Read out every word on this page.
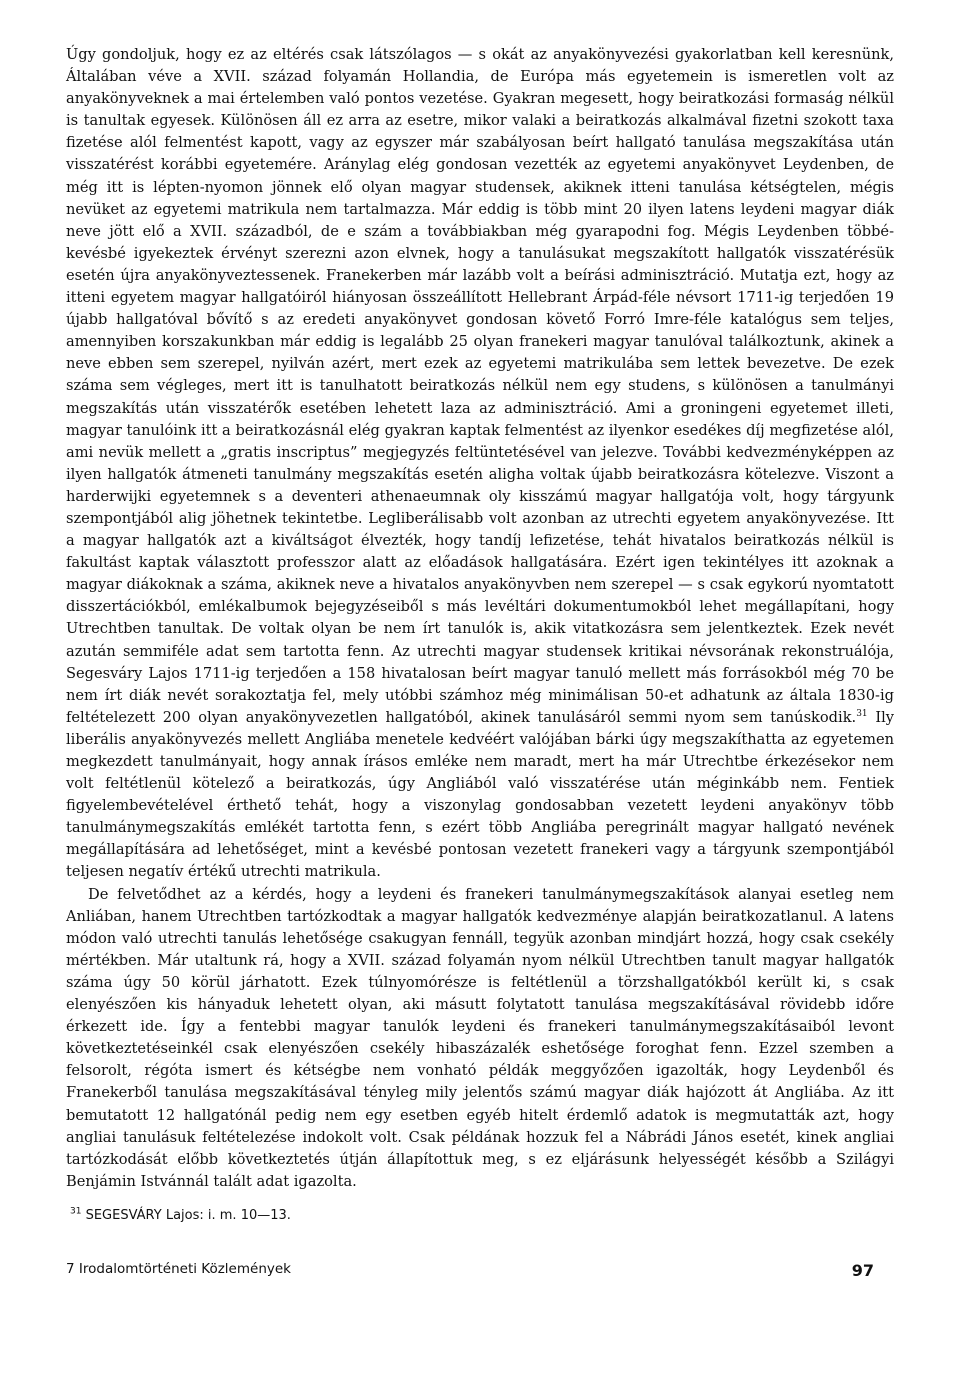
Úgy gondoljuk, hogy ez az eltérés csak látszólagos — s okát az anyakönyvezési gyakorlatban kell keresnünk, Általában véve a XVII. század folyamán Hollandia, de Európa más egyetemein is ismeretlen volt az anyakönyveknek a mai értelemben való pontos vezetése. Gyakran megesett, hogy beiratkozási formaság nélkül is tanultak egyesek. Különösen áll ez arra az esetre, mikor valaki a beiratkozás alkalmával fizetni szokott taxa fizetése alól felmentést kapott, vagy az egyszer már szabályosan beírt hallgató tanulása megszakítása után visszatérést korábbi egyetemére. Aránylag elég gondosan vezették az egyetemi anyakönyvet Leydenben, de még itt is lépten-nyomon jönnek elő olyan magyar studensek, akiknek itteni tanulása kétségtelen, mégis nevüket az egyetemi matrikula nem tartalmazza. Már eddig is több mint 20 ilyen latens leydeni magyar diák neve jött elő a XVII. századból, de e szám a továbbiakban még gyarapodni fog. Mégis Leydenben többé-kevésbé igyekeztek érvényt szerezni azon elvnek, hogy a tanulásukat megszakított hallgatók visszatérésük esetén újra anyakönyveztessenek. Franekerben már lazább volt a beírási adminisztráció. Mutatja ezt, hogy az itteni egyetem magyar hallgatóiról hiányosan összeállított Hellebrant Árpád-féle névsort 1711-ig terjedően 19 újabb hallgatóval bővítő s az eredeti anyakönyvet gondosan követő Forró Imre-féle katalógus sem teljes, amennyiben korszakunkban már eddig is legalább 25 olyan franekeri magyar tanulóval találkoztunk, akinek a neve ebben sem szerepel, nyilván azért, mert ezek az egyetemi matrikulába sem lettek bevezetve. De ezek száma sem végleges, mert itt is tanulhatott beiratkozás nélkül nem egy studens, s különösen a tanulmányi megszakítás után visszatérők esetében lehetett laza az adminisztráció. Ami a groningeni egyetemet illeti, magyar tanulóink itt a beiratkozásnál elég gyakran kaptak felmentést az ilyenkor esedékes díj megfizetése alól, ami nevük mellett a „gratis inscriptus” megjegyzés feltüntetésével van jelezve. További kedvezményképpen az ilyen hallgatók átmeneti tanulmány megszakítás esetén aligha voltak újabb beiratkozásra kötelezve. Viszont a harderwijki egyetemnek s a deventeri athenaeumnak oly kisszámú magyar hallgatója volt, hogy tárgyunk szempontjából alig jöhetnek tekintetbe. Legliberálisabb volt azonban az utrechti egyetem anyakönyvezése. Itt a magyar hallgatók azt a kiváltságot élvezték, hogy tandíj lefizetése, tehát hivatalos beiratkozás nélkül is fakultást kaptak választott professzor alatt az előadások hallgatására. Ezért igen tekintélyes itt azoknak a magyar diákoknak a száma, akiknek neve a hivatalos anyakönyvben nem szerepel — s csak egykorú nyomtatott disszertációkból, emlékalbumok bejegyzéseiből s más levéltári dokumentumokból lehet megállapítani, hogy Utrechtben tanultak. De voltak olyan be nem írt tanulók is, akik vitatkozásra sem jelentkeztek. Ezek nevét azután semmiféle adat sem tartotta fenn. Az utrechti magyar studensek kritikai névsorának rekonstruálója, Segesváry Lajos 1711-ig terjedően a 158 hivatalosan beírt magyar tanuló mellett más forrásokból még 70 be nem írt diák nevét sorakoztatja fel, mely utóbbi számhoz még minimálisan 50-et adhatunk az általa 1830-ig feltételezett 200 olyan anyakönyvezetlen hallgatóból, akinek tanulásáról semmi nyom sem tanúskodik.$^{31}$ Ily liberális anyakönyvezés mellett Angliába menetele kedvéért valójában bárki úgy megszakíthatta az egyetemen megkezdett tanulmányait, hogy annak írásos emléke nem maradt, mert ha már Utrechtbe érkezésekor nem volt feltétlenül kötelező a beiratkozás, úgy Angliából való visszatérése után méginkább nem. Fentiek figyelembevételével érthető tehát, hogy a viszonylag gondosabban vezetett leydeni anyakönyv több tanulmánymegszakítás emlékét tartotta fenn, s ezért több Angliába peregrinált magyar hallgató nevének megállapítására ad lehetőséget, mint a kevésbé pontosan vezetett franekeri vagy a tárgyunk szempontjából teljesen negatív értékű utrechti matrikula.

De felvetődhet az a kérdés, hogy a leydeni és franekeri tanulmánymegszakítások alanyai esetleg nem Anliában, hanem Utrechtben tartózkodtak a magyar hallgatók kedvezménye alapján beiratkozatlanul. A latens módon való utrechti tanulás lehetősége csakugyan fennáll, tegyük azonban mindjárt hozzá, hogy csak csekély mértékben. Már utaltunk rá, hogy a XVII. század folyamán nyom nélkül Utrechtben tanult magyar hallgatók száma úgy 50 körül járhatott. Ezek túlnyomórésze is feltétlenül a törzshallgatókból került ki, s csak elenyészően kis hányaduk lehetett olyan, aki másutt folytatott tanulása megszakításával rövidebb időre érkezett ide. Így a fentebbi magyar tanulók leydeni és franekeri tanulmánymegszakításaiból levont következtetéseinkél csak elenyészően csekély hibaszázalék eshetősége foroghat fenn. Ezzel szemben a felsorolt, régóta ismert és kétségbe nem vonható példák meggyőzően igazolták, hogy Leydenből és Franekerből tanulása megszakításával tényleg mily jelentős számú magyar diák hajózott át Angliába. Az itt bemutatott 12 hallgatónál pedig nem egy esetben egyéb hitelt érdemlő adatok is megmutatták azt, hogy angliai tanulásuk feltételezése indokolt volt. Csak példának hozzuk fel a Nábrádi János esetét, kinek angliai tartózkodását előbb következtetés útján állapítottuk meg, s ez eljárásunk helyességét később a Szilágyi Benjámin Istvánnál talált adat igazolta.

$^{31}$ SEGESVÁRY Lajos: i. m. 10—13.
7 Irodalomtörténeti Közlemények	97
